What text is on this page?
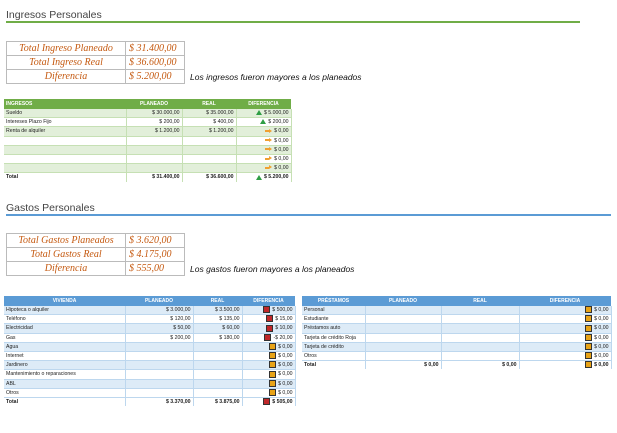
Ingresos Personales
Total Ingreso Planeado	$ 31.400,00
Total Ingreso Real	$ 36.600,00
Diferencia	$ 5.200,00 Los ingresos fueron mayores a los planeados
INGRESOS	PLANEADO	REAL	DIFERENCIA
Sueldo	$ 30.000,00	$ 35.000,00	$ 5.000,00
Intereses Plazo Fijo	$ 200,00	$ 400,00	$ 200,00
Renta de alquiler	$ 1.200,00	$ 1.200,00	$ 0,00
			$ 0,00
			$ 0,00
			$ 0,00
			$ 0,00
Total	$ 31.400,00	$ 36.600,00	$ 5.200,00
Gastos Personales
Total Gastos Planeados	$ 3.620,00
Total Gastos Real	$ 4.175,00
Diferencia	$ 555,00	Los gastos fueron mayores a los planeados
VIVIENDA	PLANEADO	REAL	DIFERENCIA
Hipoteca o alquiler	$ 3.000,00	$ 3.500,00	$ 500,00
Teléfono	$ 120,00	$ 135,00	$ 15,00
Electricidad	$ 50,00	$ 60,00	$ 10,00
Gas	$ 200,00	$ 180,00	-$ 20,00
Agua			$ 0,00
Internet			$ 0,00
Jardinero			$ 0,00
Mantenimiento o reparaciones			$ 0,00
ABL			$ 0,00
Otros			$ 0,00
Total	$ 3.370,00	$ 3.875,00	$ 505,00
PRÉSTAMOS	PLANEADO	REAL	DIFERENCIA
Personal			$ 0,00
Estudiante			$ 0,00
Préstamos auto			$ 0,00
Tarjeta de crédito Roja			$ 0,00
Tarjeta de crédito			$ 0,00
Otros			$ 0,00
Total	$ 0,00	$ 0,00	$ 0,00
